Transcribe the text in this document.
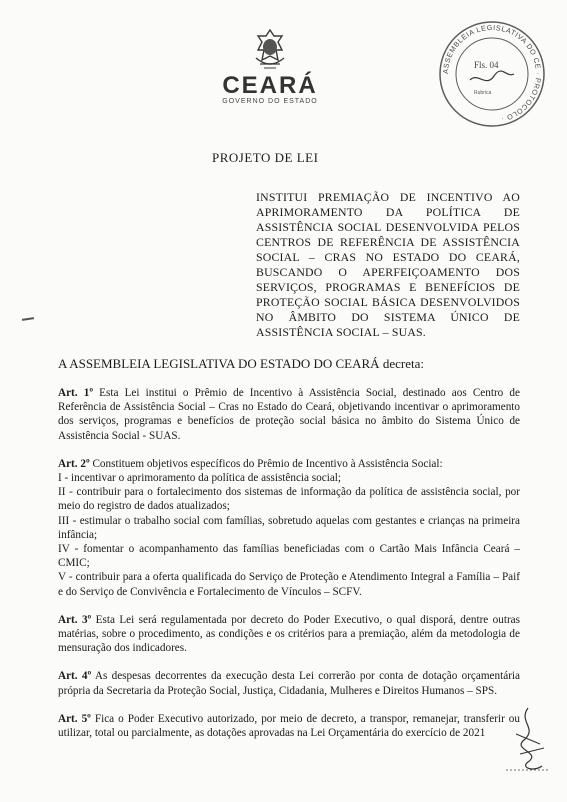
CEARÁ
GOVERNO DO ESTADO
ASSEMBLEIA LEGISLATIVA DO CE · PROTOCOLO ·
Fls. 04
Rubrica
PROJETO DE LEI
INSTITUI PREMIAÇÃO DE INCENTIVO AO APRIMORAMENTO DA POLÍTICA DE ASSISTÊNCIA SOCIAL DESENVOLVIDA PELOS CENTROS DE REFERÊNCIA DE ASSISTÊNCIA SOCIAL – CRAS NO ESTADO DO CEARÁ, BUSCANDO O APERFEIÇOAMENTO DOS SERVIÇOS, PROGRAMAS E BENEFÍCIOS DE PROTEÇÃO SOCIAL BÁSICA DESENVOLVIDOS NO ÂMBITO DO SISTEMA ÚNICO DE ASSISTÊNCIA SOCIAL – SUAS.
A ASSEMBLEIA LEGISLATIVA DO ESTADO DO CEARÁ decreta:

Art. 1º Esta Lei institui o Prêmio de Incentivo à Assistência Social, destinado aos Centro de Referência de Assistência Social – Cras no Estado do Ceará, objetivando incentivar o aprimoramento dos serviços, programas e benefícios de proteção social básica no âmbito do Sistema Único de Assistência Social - SUAS.

Art. 2º Constituem objetivos específicos do Prêmio de Incentivo à Assistência Social:
I - incentivar o aprimoramento da política de assistência social;
II - contribuir para o fortalecimento dos sistemas de informação da política de assistência social, por meio do registro de dados atualizados;
III - estimular o trabalho social com famílias, sobretudo aquelas com gestantes e crianças na primeira infância;
IV - fomentar o acompanhamento das famílias beneficiadas com o Cartão Mais Infância Ceará – CMIC;
V - contribuir para a oferta qualificada do Serviço de Proteção e Atendimento Integral a Família – Paif e do Serviço de Convivência e Fortalecimento de Vínculos – SCFV.

Art. 3º Esta Lei será regulamentada por decreto do Poder Executivo, o qual disporá, dentre outras matérias, sobre o procedimento, as condições e os critérios para a premiação, além da metodologia de mensuração dos indicadores.

Art. 4º As despesas decorrentes da execução desta Lei correrão por conta de dotação orçamentária própria da Secretaria da Proteção Social, Justiça, Cidadania, Mulheres e Direitos Humanos – SPS.

Art. 5º Fica o Poder Executivo autorizado, por meio de decreto, a transpor, remanejar, transferir ou utilizar, total ou parcialmente, as dotações aprovadas na Lei Orçamentária do exercício de 2021
